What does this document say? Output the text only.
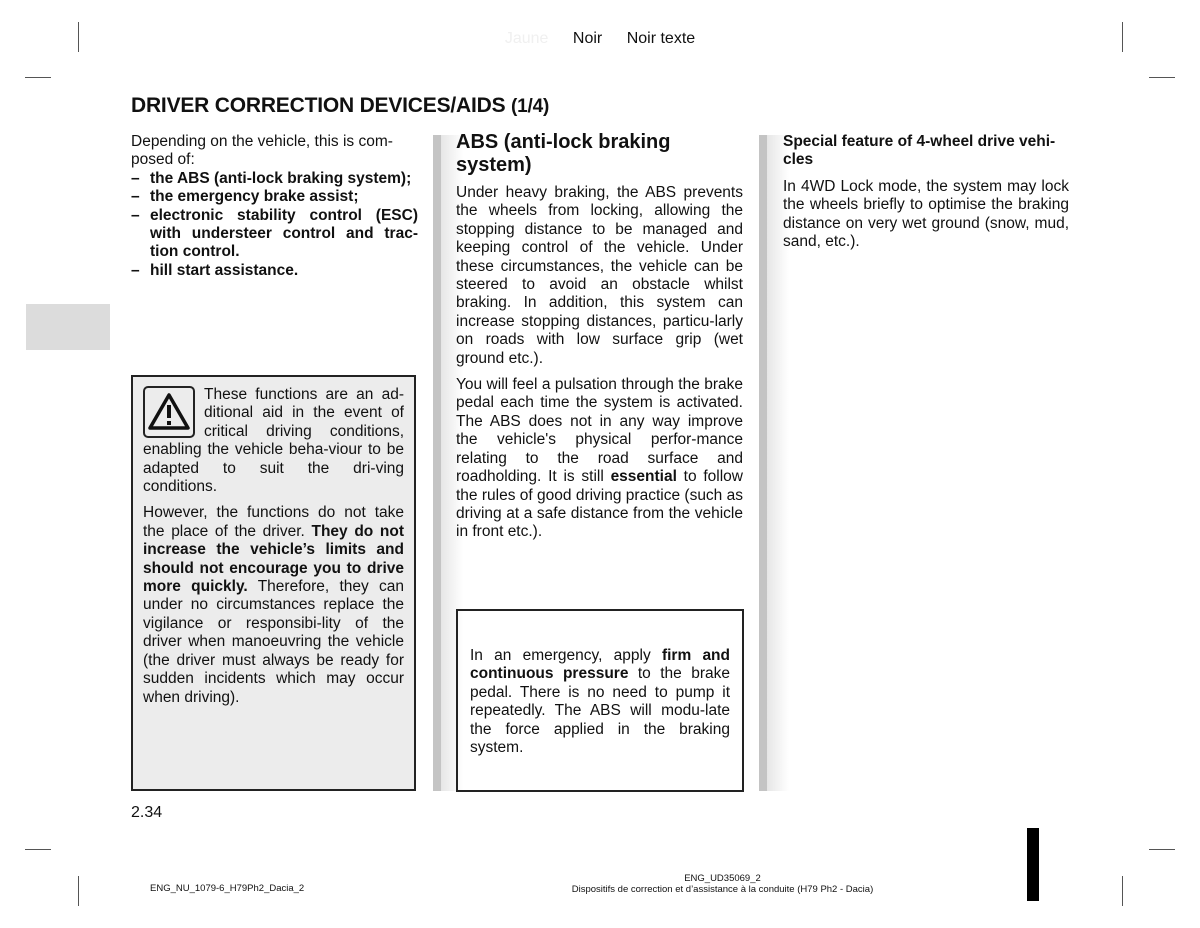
Jaune Noir Noir texte
DRIVER CORRECTION DEVICES/AIDS (1/4)

Depending on the vehicle, this is com-posed of:

– the ABS (anti-lock braking system);
– the emergency brake assist;
– electronic stability control (ESC) with understeer control and trac-tion control.
– hill start assistance.

These functions are an ad-ditional aid in the event of critical driving conditions, enabling the vehicle beha-viour to be adapted to suit the dri-ving conditions.

However, the functions do not take the place of the driver. They do not increase the vehicle’s limits and should not encourage you to drive more quickly. Therefore, they can under no circumstances replace the vigilance or responsibi-lity of the driver when manoeuvring the vehicle (the driver must always be ready for sudden incidents which may occur when driving).

ABS (anti-lock braking system)

Under heavy braking, the ABS prevents the wheels from locking, allowing the stopping distance to be managed and keeping control of the vehicle. Under these circumstances, the vehicle can be steered to avoid an obstacle whilst braking. In addition, this system can increase stopping distances, particu-larly on roads with low surface grip (wet ground etc.).

You will feel a pulsation through the brake pedal each time the system is activated. The ABS does not in any way improve the vehicle's physical perfor-mance relating to the road surface and roadholding. It is still essential to follow the rules of good driving practice (such as driving at a safe distance from the vehicle in front etc.).

In an emergency, apply firm and continuous pressure to the brake pedal. There is no need to pump it repeatedly. The ABS will modu-late the force applied in the braking system.

Special feature of 4-wheel drive vehi-cles

In 4WD Lock mode, the system may lock the wheels briefly to optimise the braking distance on very wet ground (snow, mud, sand, etc.).

2.34
ENG_NU_1079-6_H79Ph2_Dacia_2
ENG_UD35069_2
Dispositifs de correction et d’assistance à la conduite (H79 Ph2 - Dacia)
